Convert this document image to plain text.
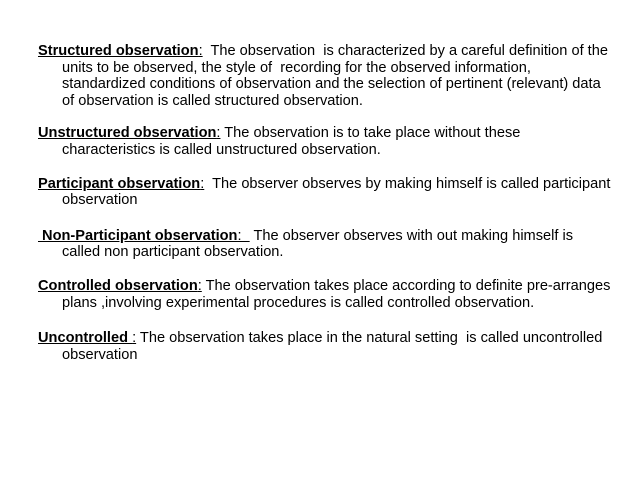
Structured observation:  The observation  is characterized by a careful definition of the units to be observed, the style of  recording for the observed information, standardized conditions of observation and the selection of pertinent (relevant) data of observation is called structured observation.

Unstructured observation: The observation is to take place without these characteristics is called unstructured observation.

Participant observation:  The observer observes by making himself is called participant observation

Non-Participant observation:   The observer observes with out making himself is called non participant observation.

Controlled observation: The observation takes place according to definite pre-arranges plans ,involving experimental procedures is called controlled observation.

Uncontrolled : The observation takes place in the natural setting  is called uncontrolled observation
